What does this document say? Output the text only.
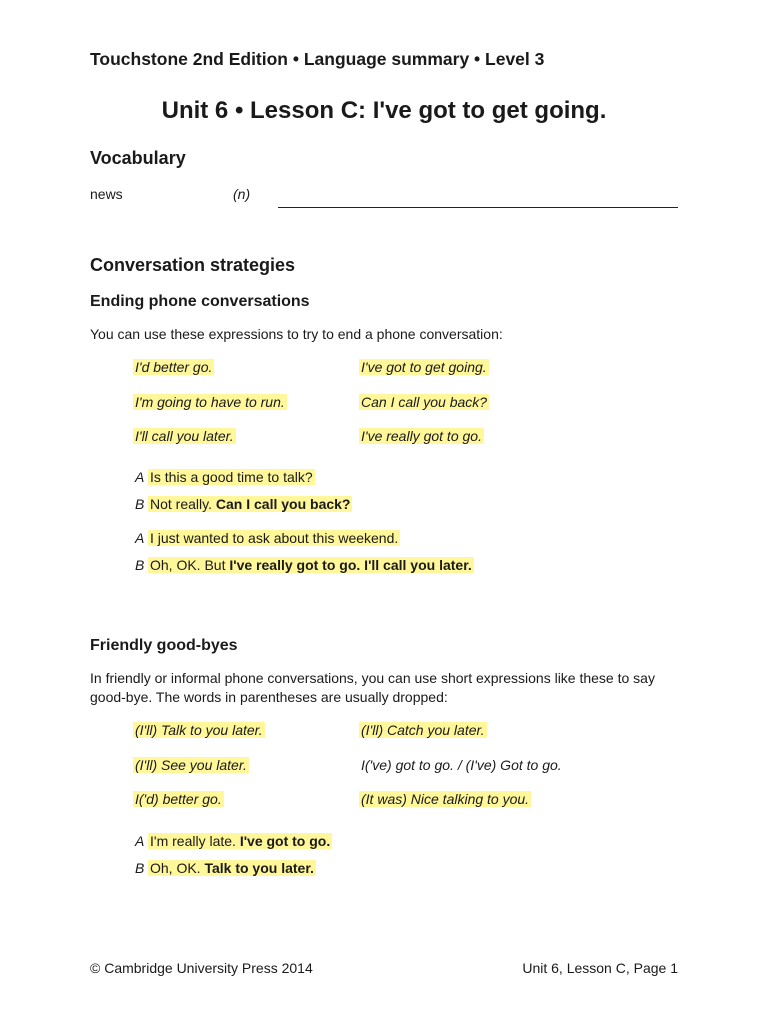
Touchstone 2nd Edition • Language summary • Level 3
Unit 6 • Lesson C: I've got to get going.
Vocabulary
news	(n)
Conversation strategies
Ending phone conversations
You can use these expressions to try to end a phone conversation:
I'd better go.	I've got to get going.
I'm going to have to run.	Can I call you back?
I'll call you later.	I've really got to go.
A Is this a good time to talk?
B Not really. Can I call you back?
A I just wanted to ask about this weekend.
B Oh, OK. But I've really got to go. I'll call you later.
Friendly good-byes
In friendly or informal phone conversations, you can use short expressions like these to say good-bye. The words in parentheses are usually dropped:
(I'll) Talk to you later.	(I'll) Catch you later.
(I'll) See you later.	I('ve) got to go. / (I've) Got to go.
I('d) better go.	(It was) Nice talking to you.
A I'm really late. I've got to go.
B Oh, OK. Talk to you later.
© Cambridge University Press 2014	Unit 6, Lesson C, Page 1
